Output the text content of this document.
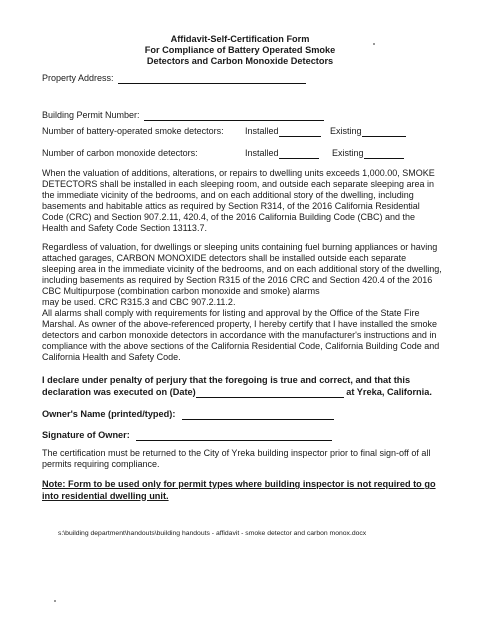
Affidavit-Self-Certification Form
For Compliance of Battery Operated Smoke
Detectors and Carbon Monoxide Detectors
Property Address:
Building Permit Number:
Number of battery-operated smoke detectors: Installed	Existing
Number of carbon monoxide detectors:	Installed	Existing
When the valuation of additions, alterations, or repairs to dwelling units exceeds 1,000.00, SMOKE DETECTORS shall be installed in each sleeping room, and outside each separate sleeping area in the immediate vicinity of the bedrooms, and on each additional story of the dwelling, including basements and habitable attics as required by Section R314, of the 2016 California Residential Code (CRC) and Section 907.2.11, 420.4, of the 2016 California Building Code (CBC) and the Health and Safety Code Section 13113.7.
Regardless of valuation, for dwellings or sleeping units containing fuel burning appliances or having attached garages, CARBON MONOXIDE detectors shall be installed outside each separate sleeping area in the immediate vicinity of the bedrooms, and on each additional story of the dwelling, including basements as required by Section R315 of the 2016 CRC and Section 420.4 of the 2016 CBC Multipurpose (combination carbon monoxide and smoke) alarms
may be used. CRC R315.3 and CBC 907.2.11.2.
All alarms shall comply with requirements for listing and approval by the Office of the State Fire Marshal. As owner of the above-referenced property, I hereby certify that I have installed the smoke detectors and carbon monoxide detectors in accordance with the manufacturer's instructions and in compliance with the above sections of the California Residential Code, California Building Code and California Health and Safety Code.
I declare under penalty of perjury that the foregoing is true and correct, and that this
declaration was executed on (Date)	at Yreka, California.
Owner's Name (printed/typed):
Signature of Owner:
The certification must be returned to the City of Yreka building inspector prior to final sign-off of all permits requiring compliance.
Note: Form to be used only for permit types where building inspector is not required to go into residential dwelling unit.
s:\building department\handouts\building handouts - affidavit - smoke detector and carbon monox.docx
